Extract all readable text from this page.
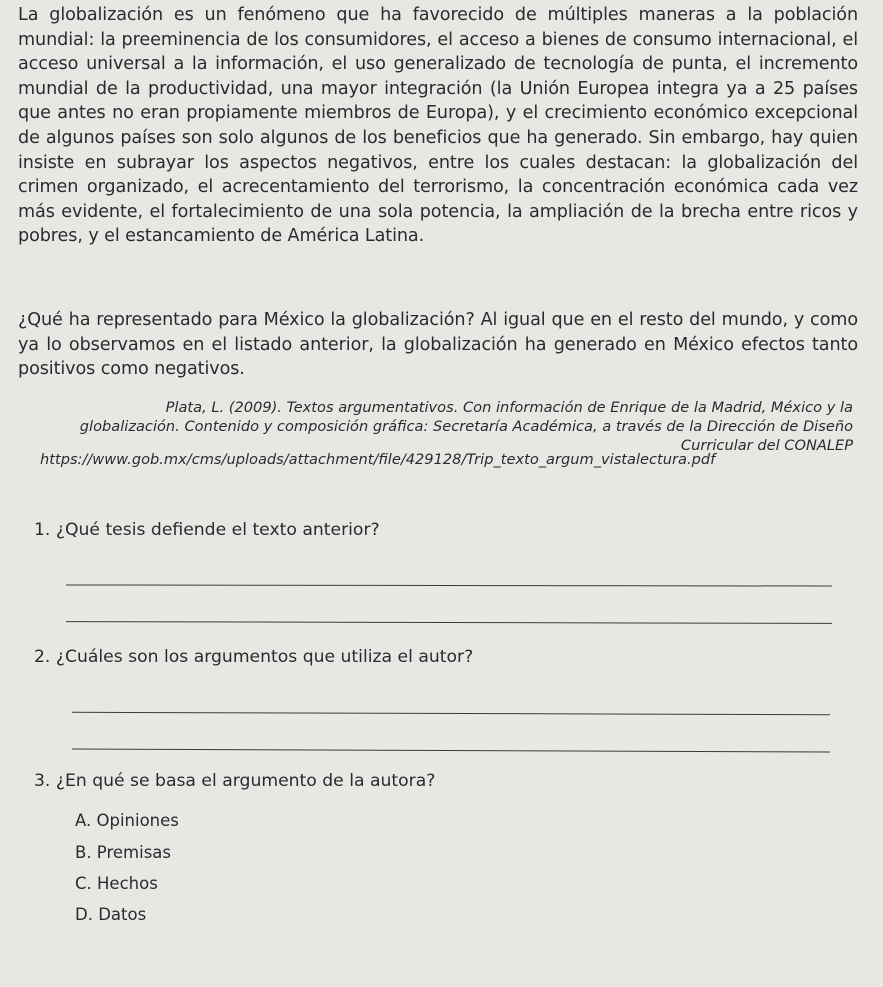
La globalización es un fenómeno que ha favorecido de múltiples maneras a la población mundial: la preeminencia de los consumidores, el acceso a bienes de consumo internacional, el acceso universal a la información, el uso generalizado de tecnología de punta, el incremento mundial de la productividad, una mayor integración (la Unión Europea integra ya a 25 países que antes no eran propiamente miembros de Europa), y el crecimiento económico excepcional de algunos países son solo algunos de los beneficios que ha generado. Sin embargo, hay quien insiste en subrayar los aspectos negativos, entre los cuales destacan: la globalización del crimen organizado, el acrecentamiento del terrorismo, la concentración económica cada vez más evidente, el fortalecimiento de una sola potencia, la ampliación de la brecha entre ricos y pobres, y el estancamiento de América Latina.

¿Qué ha representado para México la globalización? Al igual que en el resto del mundo, y como ya lo observamos en el listado anterior, la globalización ha generado en México efectos tanto positivos como negativos.

Plata, L. (2009). Textos argumentativos. Con información de Enrique de la Madrid, México y la globalización. Contenido y composición gráfica: Secretaría Académica, a través de la Dirección de Diseño Curricular del CONALEP

https://www.gob.mx/cms/uploads/attachment/file/429128/Trip_texto_argum_vistalectura.pdf

1. ¿Qué tesis defiende el texto anterior?

2. ¿Cuáles son los argumentos que utiliza el autor?

3. ¿En qué se basa el argumento de la autora?

A. Opiniones

B. Premisas

C. Hechos

D. Datos
